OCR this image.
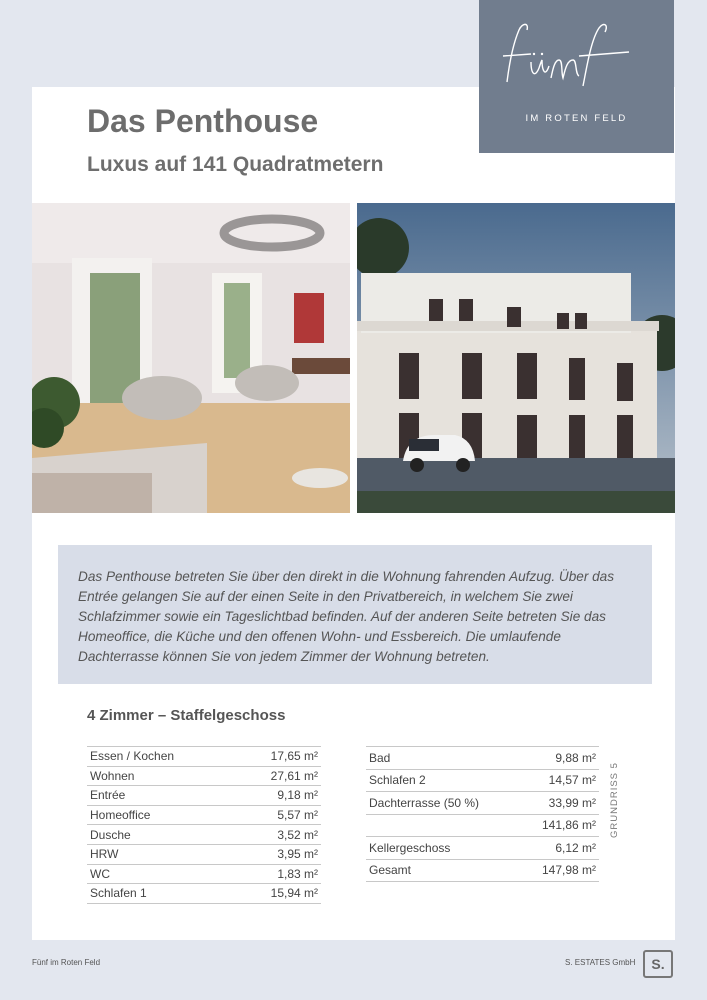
IM ROTEN FELD
Das Penthouse
Luxus auf 141 Quadratmetern

Das Penthouse betreten Sie über den direkt in die Wohnung fahrenden Aufzug. Über das Entrée gelangen Sie auf der einen Seite in den Privatbereich, in welchem Sie zwei Schlafzimmer sowie ein Tageslichtbad befinden. Auf der anderen Seite betreten Sie das Homeoffice, die Küche und den offenen Wohn- und Essbereich. Die umlaufende Dachterrasse können Sie von jedem Zimmer der Wohnung betreten.

4 Zimmer – Staffelgeschoss
Essen / Kochen	17,65 m²
Wohnen	27,61 m²
Entrée	9,18 m²
Homeoffice	5,57 m²
Dusche	3,52 m²
HRW	3,95 m²
WC	1,83 m²
Schlafen 1	15,94 m²
Bad	9,88 m²
Schlafen 2	14,57 m²
Dachterrasse (50 %)	33,99 m²
141,86 m²
Kellergeschoss	6,12 m²
Gesamt	147,98 m²
GRUNDRISS 5
Fünf im Roten Feld	S. ESTATES GmbH	S.
